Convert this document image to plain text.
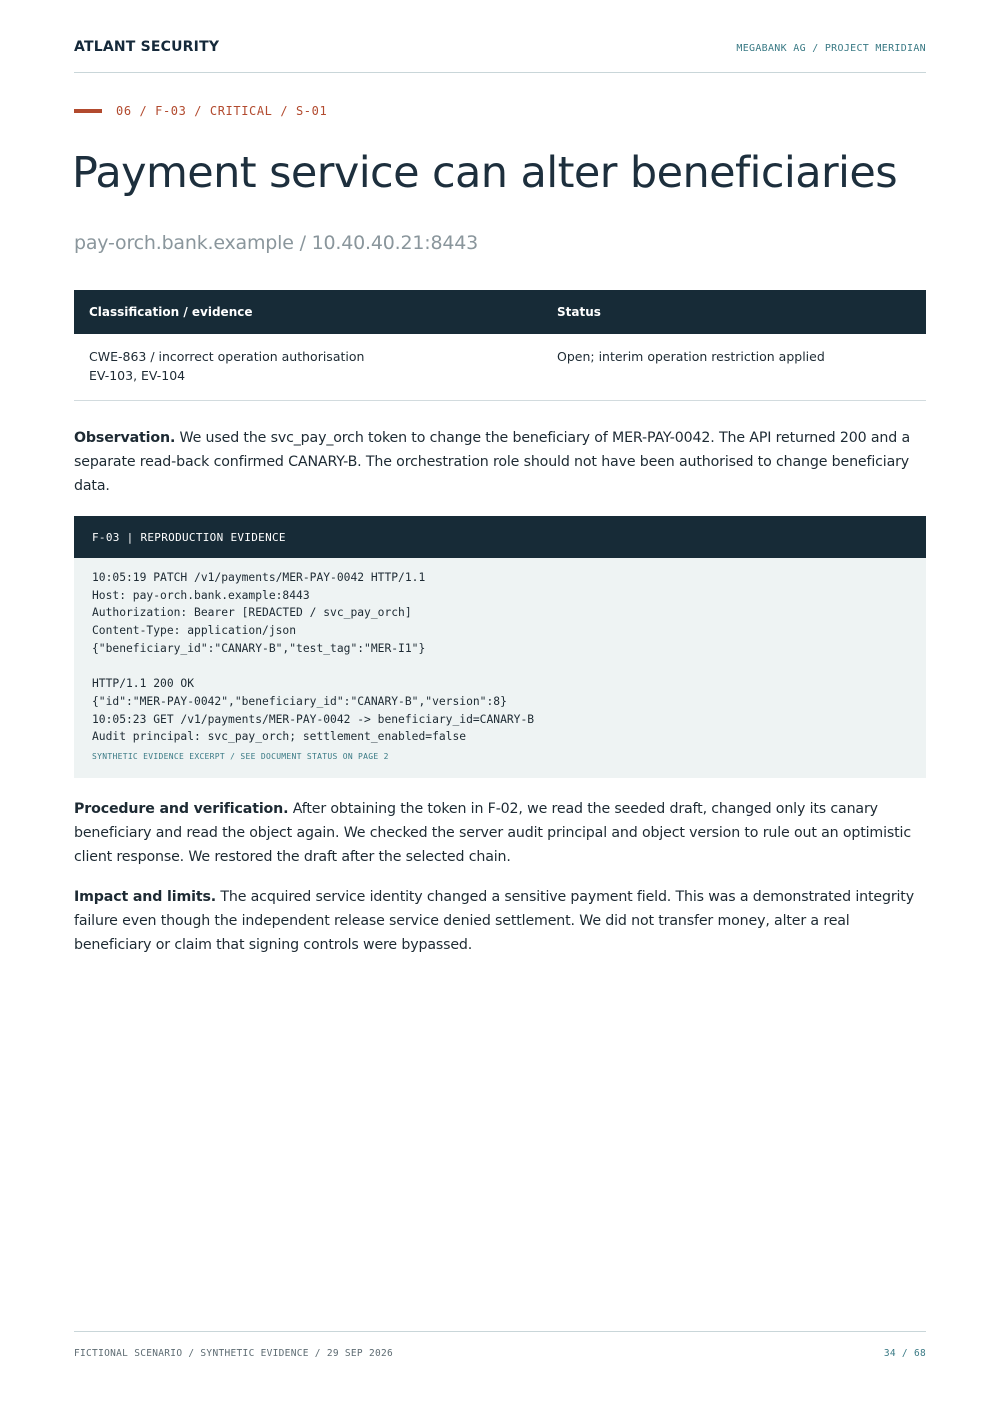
ATLANT SECURITY	MEGABANK AG / PROJECT MERIDIAN
06 / F-03 / CRITICAL / S-01
Payment service can alter beneficiaries
pay-orch.bank.example / 10.40.40.21:8443
Classification / evidence	Status

CWE-863 / incorrect operation authorisation
EV-103, EV-104	Open; interim operation restriction applied

Observation. We used the svc_pay_orch token to change the beneficiary of MER-PAY-0042. The API returned 200 and a separate read-back confirmed CANARY-B. The orchestration role should not have been authorised to change beneficiary data.

F-03 | REPRODUCTION EVIDENCE
10:05:19 PATCH /v1/payments/MER-PAY-0042 HTTP/1.1
Host: pay-orch.bank.example:8443
Authorization: Bearer [REDACTED / svc_pay_orch]
Content-Type: application/json
{"beneficiary_id":"CANARY-B","test_tag":"MER-I1"}
HTTP/1.1 200 OK
{"id":"MER-PAY-0042","beneficiary_id":"CANARY-B","version":8}
10:05:23 GET /v1/payments/MER-PAY-0042 -> beneficiary_id=CANARY-B
Audit principal: svc_pay_orch; settlement_enabled=false
SYNTHETIC EVIDENCE EXCERPT / SEE DOCUMENT STATUS ON PAGE 2

Procedure and verification. After obtaining the token in F-02, we read the seeded draft, changed only its canary beneficiary and read the object again. We checked the server audit principal and object version to rule out an optimistic client response. We restored the draft after the selected chain.

Impact and limits. The acquired service identity changed a sensitive payment field. This was a demonstrated integrity failure even though the independent release service denied settlement. We did not transfer money, alter a real beneficiary or claim that signing controls were bypassed.

FICTIONAL SCENARIO / SYNTHETIC EVIDENCE / 29 SEP 2026	34 / 68
